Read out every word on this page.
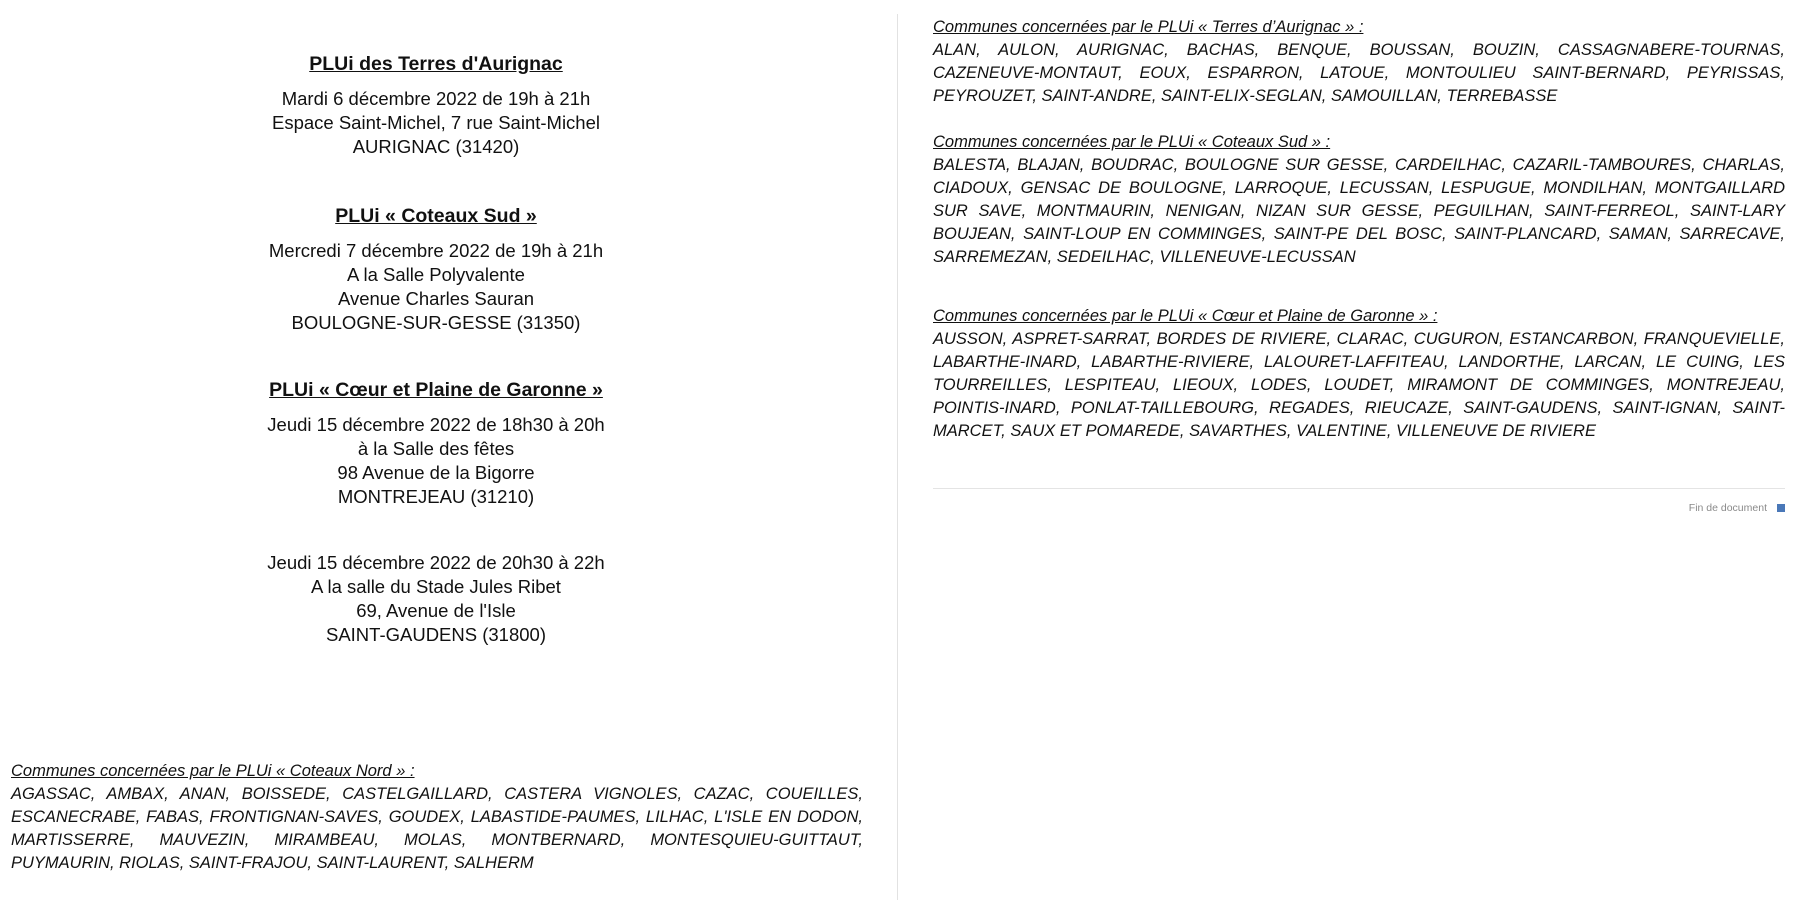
PLUi des Terres d'Aurignac
Mardi 6 décembre 2022 de 19h à 21h
Espace Saint-Michel, 7 rue Saint-Michel
AURIGNAC (31420)
PLUi « Coteaux Sud »
Mercredi 7 décembre 2022 de 19h à 21h
A la Salle Polyvalente
Avenue Charles Sauran
BOULOGNE-SUR-GESSE (31350)
PLUi « Cœur et Plaine de Garonne »
Jeudi 15 décembre 2022 de 18h30 à 20h
à la Salle des fêtes
98 Avenue de la Bigorre
MONTREJEAU (31210)
Jeudi 15 décembre 2022 de 20h30 à 22h
A la salle du Stade Jules Ribet
69, Avenue de l'Isle
SAINT-GAUDENS (31800)
Communes concernées par le PLUi « Coteaux Nord » :
AGASSAC, AMBAX, ANAN, BOISSEDE, CASTELGAILLARD, CASTERA VIGNOLES, CAZAC, COUEILLES, ESCANECRABE, FABAS, FRONTIGNAN-SAVES, GOUDEX, LABASTIDE-PAUMES, LILHAC, L'ISLE EN DODON, MARTISSERRE, MAUVEZIN, MIRAMBEAU, MOLAS, MONTBERNARD, MONTESQUIEU-GUITTAUT, PUYMAURIN, RIOLAS, SAINT-FRAJOU, SAINT-LAURENT, SALHERM
Communes concernées par le PLUi « Terres d’Aurignac » :
ALAN, AULON, AURIGNAC, BACHAS, BENQUE, BOUSSAN, BOUZIN, CASSAGNABERE-TOURNAS, CAZENEUVE-MONTAUT, EOUX, ESPARRON, LATOUE, MONTOULIEU SAINT-BERNARD, PEYRISSAS, PEYROUZET, SAINT-ANDRE, SAINT-ELIX-SEGLAN, SAMOUILLAN, TERREBASSE
Communes concernées par le PLUi « Coteaux Sud » :
BALESTA, BLAJAN, BOUDRAC, BOULOGNE SUR GESSE, CARDEILHAC, CAZARIL-TAMBOURES, CHARLAS, CIADOUX, GENSAC DE BOULOGNE, LARROQUE, LECUSSAN, LESPUGUE, MONDILHAN, MONTGAILLARD SUR SAVE, MONTMAURIN, NENIGAN, NIZAN SUR GESSE, PEGUILHAN, SAINT-FERREOL, SAINT-LARY BOUJEAN, SAINT-LOUP EN COMMINGES, SAINT-PE DEL BOSC, SAINT-PLANCARD, SAMAN, SARRECAVE, SARREMEZAN, SEDEILHAC, VILLENEUVE-LECUSSAN
Communes concernées par le PLUi « Cœur et Plaine de Garonne » :
AUSSON, ASPRET-SARRAT, BORDES DE RIVIERE, CLARAC, CUGURON, ESTANCARBON, FRANQUEVIELLE, LABARTHE-INARD, LABARTHE-RIVIERE, LALOURET-LAFFITEAU, LANDORTHE, LARCAN, LE CUING, LES TOURREILLES, LESPITEAU, LIEOUX, LODES, LOUDET, MIRAMONT DE COMMINGES, MONTREJEAU, POINTIS-INARD, PONLAT-TAILLEBOURG, REGADES, RIEUCAZE, SAINT-GAUDENS, SAINT-IGNAN, SAINT-MARCET, SAUX ET POMAREDE, SAVARTHES, VALENTINE, VILLENEUVE DE RIVIERE
Fin de document
